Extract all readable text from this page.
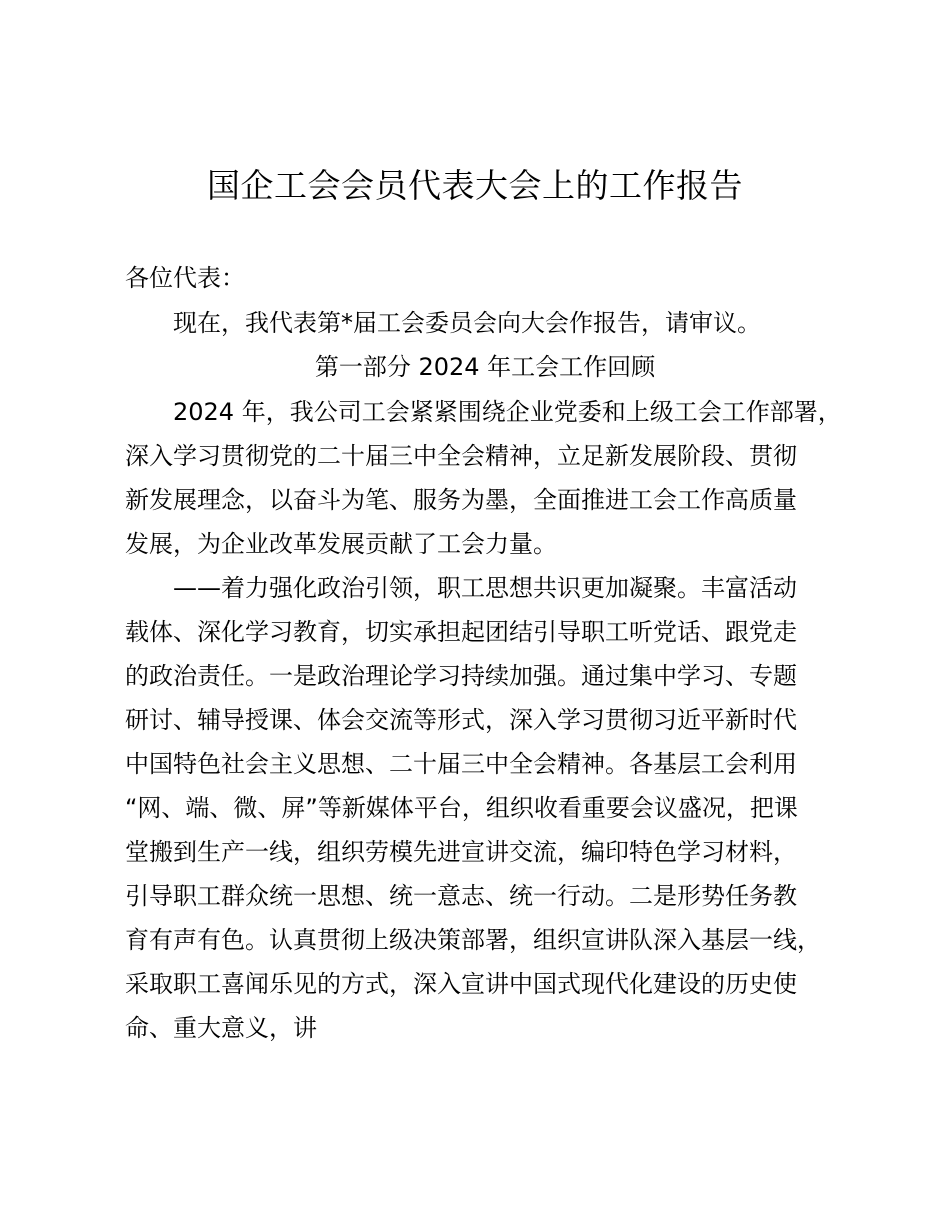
国企工会会员代表大会上的工作报告
各位代表：
现在，我代表第*届工会委员会向大会作报告，请审议。
第一部分 2024 年工会工作回顾
2024 年，我公司工会紧紧围绕企业党委和上级工会工作部署，
深入学习贯彻党的二十届三中全会精神，立足新发展阶段、贯彻
新发展理念，以奋斗为笔、服务为墨，全面推进工会工作高质量
发展，为企业改革发展贡献了工会力量。
——着力强化政治引领，职工思想共识更加凝聚。丰富活动
载体、深化学习教育，切实承担起团结引导职工听党话、跟党走
的政治责任。一是政治理论学习持续加强。通过集中学习、专题
研讨、辅导授课、体会交流等形式，深入学习贯彻习近平新时代
中国特色社会主义思想、二十届三中全会精神。各基层工会利用
“网、端、微、屏”等新媒体平台，组织收看重要会议盛况，把课
堂搬到生产一线，组织劳模先进宣讲交流，编印特色学习材料，
引导职工群众统一思想、统一意志、统一行动。二是形势任务教
育有声有色。认真贯彻上级决策部署，组织宣讲队深入基层一线，
采取职工喜闻乐见的方式，深入宣讲中国式现代化建设的历史使
命、重大意义，讲
